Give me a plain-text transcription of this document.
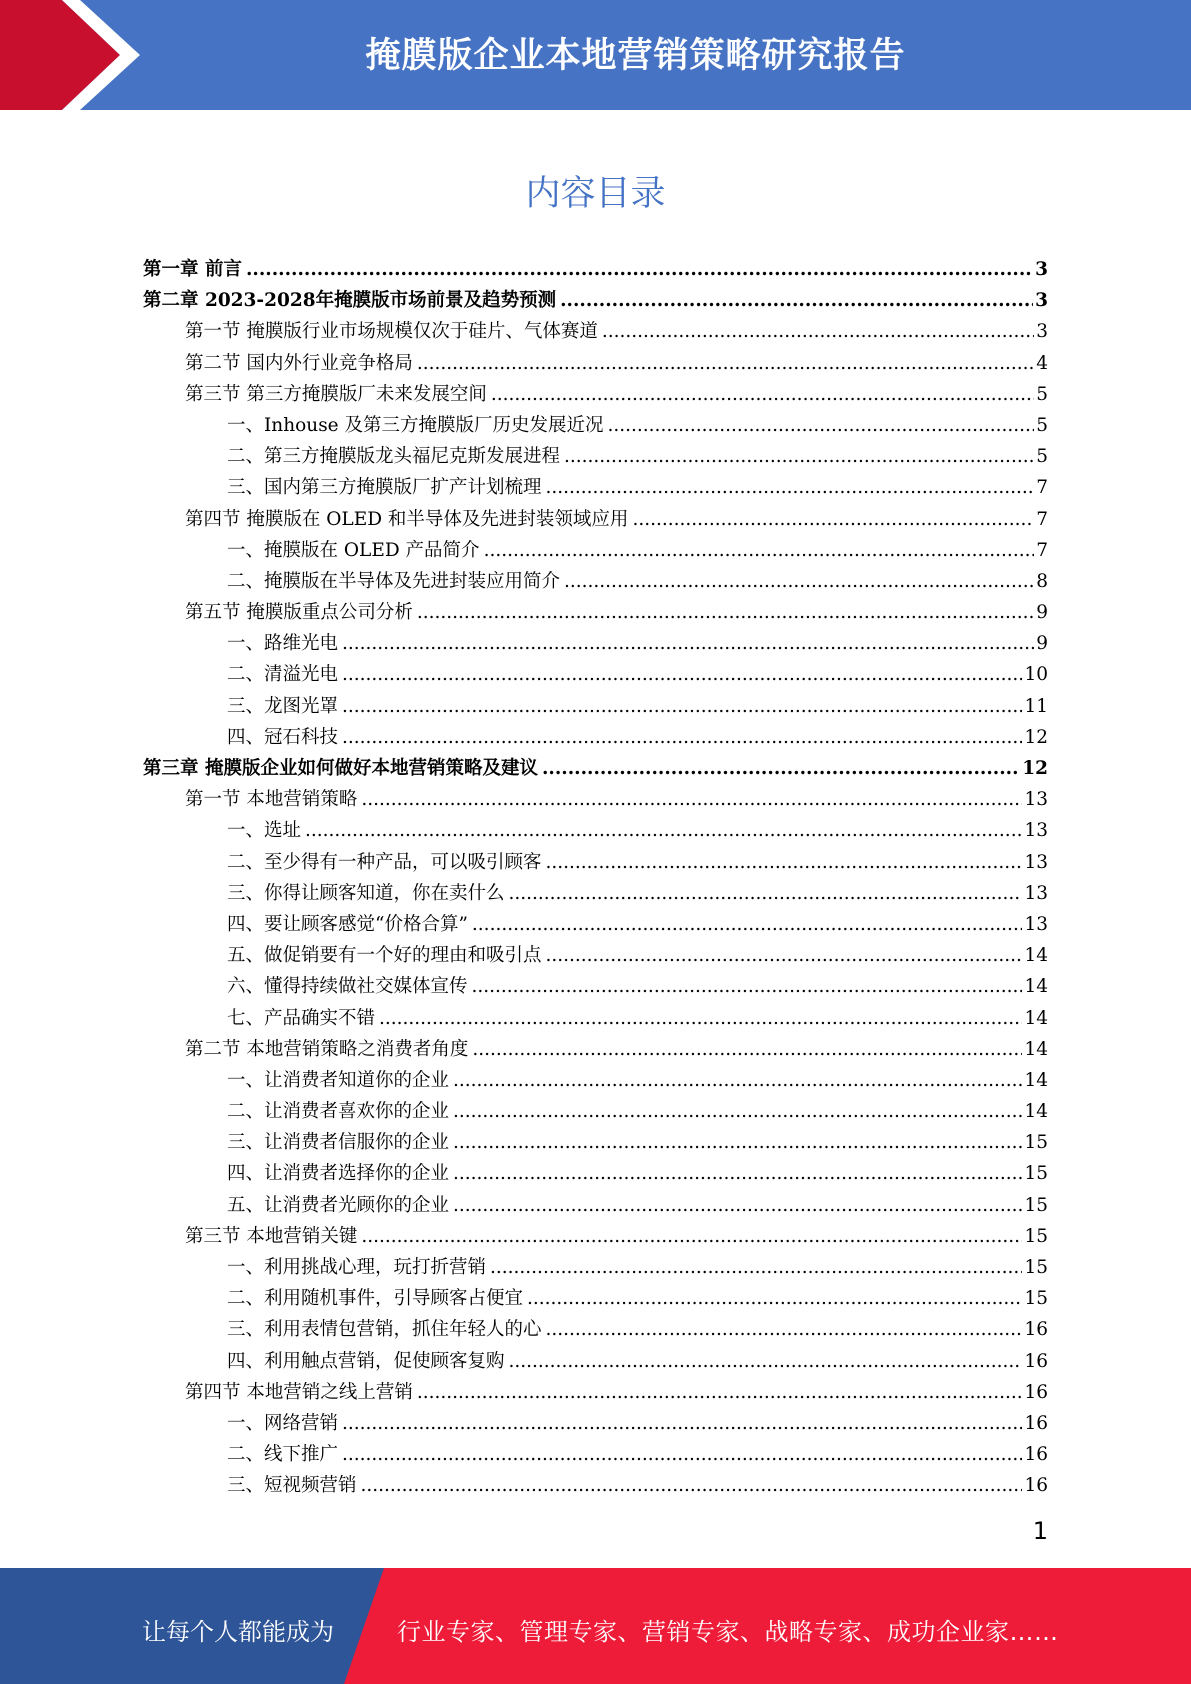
掩膜版企业本地营销策略研究报告
内容目录
第一章 前言 .....	3
第二章 2023-2028年掩膜版市场前景及趋势预测 .....	3
第一节 掩膜版行业市场规模仅次于硅片、气体赛道 .....	3
第二节 国内外行业竞争格局 .....	4
第三节 第三方掩膜版厂未来发展空间 .....	5
一、Inhouse 及第三方掩膜版厂历史发展近况 .....	5
二、第三方掩膜版龙头福尼克斯发展进程 .....	5
三、国内第三方掩膜版厂扩产计划梳理 .....	7
第四节 掩膜版在 OLED 和半导体及先进封装领域应用 .....	7
一、掩膜版在 OLED 产品简介 .....	7
二、掩膜版在半导体及先进封装应用简介 .....	8
第五节 掩膜版重点公司分析 .....	9
一、路维光电 .....	9
二、清溢光电 .....	10
三、龙图光罩 .....	11
四、冠石科技 .....	12
第三章 掩膜版企业如何做好本地营销策略及建议 .....	12
第一节 本地营销策略 .....	13
一、选址 .....	13
二、至少得有一种产品，可以吸引顾客 .....	13
三、你得让顾客知道，你在卖什么 .....	13
四、要让顾客感觉“价格合算” .....	13
五、做促销要有一个好的理由和吸引点 .....	14
六、懂得持续做社交媒体宣传 .....	14
七、产品确实不错 .....	14
第二节 本地营销策略之消费者角度 .....	14
一、让消费者知道你的企业 .....	14
二、让消费者喜欢你的企业 .....	14
三、让消费者信服你的企业 .....	15
四、让消费者选择你的企业 .....	15
五、让消费者光顾你的企业 .....	15
第三节 本地营销关键 .....	15
一、利用挑战心理，玩打折营销 .....	15
二、利用随机事件，引导顾客占便宜 .....	15
三、利用表情包营销，抓住年轻人的心 .....	16
四、利用触点营销，促使顾客复购 .....	16
第四节 本地营销之线上营销 .....	16
一、网络营销 .....	16
二、线下推广 .....	16
三、短视频营销 .....	16
1
让每个人都能成为	行业专家、管理专家、营销专家、战略专家、成功企业家……
